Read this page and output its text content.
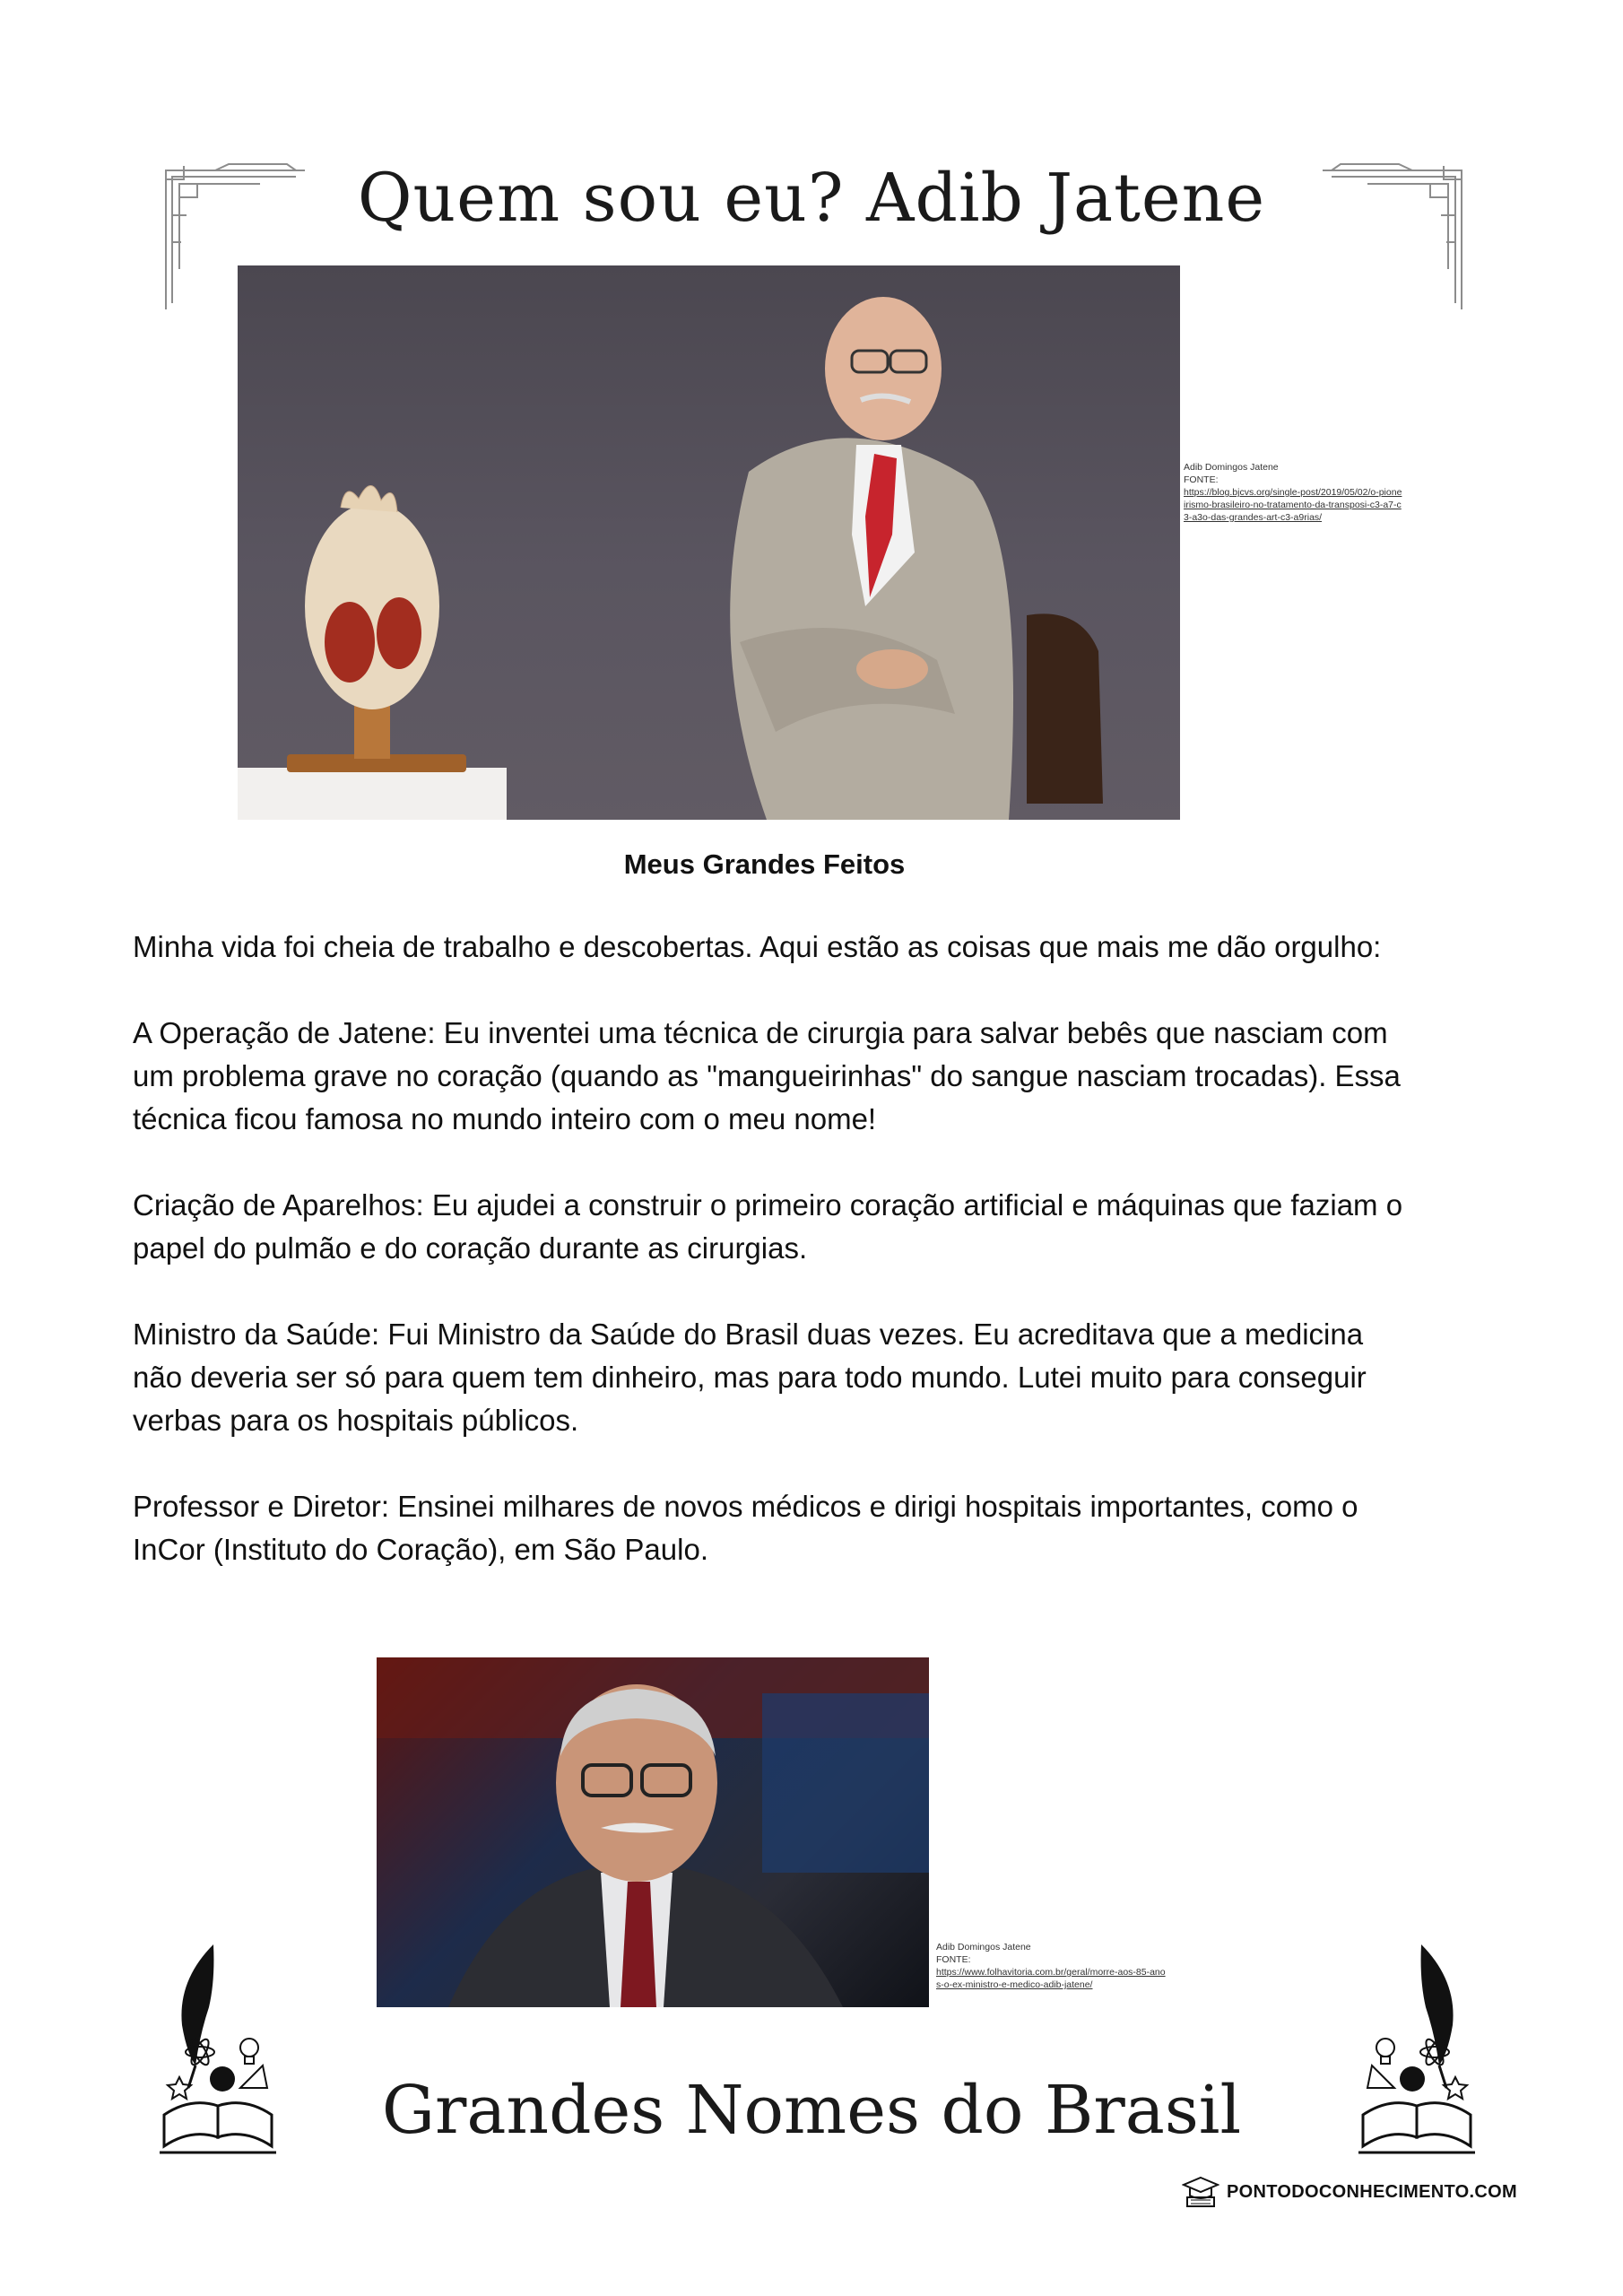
Quem sou eu? Adib Jatene
Adib Domingos Jatene
FONTE:
https://blog.bjcvs.org/single-post/2019/05/02/o-pioneirismo-brasileiro-no-tratamento-da-transposi-c3-a7-c3-a3o-das-grandes-art-c3-a9rias/
Meus Grandes Feitos

Minha vida foi cheia de trabalho e descobertas. Aqui estão as coisas que mais me dão orgulho:

A Operação de Jatene: Eu inventei uma técnica de cirurgia para salvar bebês que nasciam com um problema grave no coração (quando as "mangueirinhas" do sangue nasciam trocadas). Essa técnica ficou famosa no mundo inteiro com o meu nome!

Criação de Aparelhos: Eu ajudei a construir o primeiro coração artificial e máquinas que faziam o papel do pulmão e do coração durante as cirurgias.

Ministro da Saúde: Fui Ministro da Saúde do Brasil duas vezes. Eu acreditava que a medicina não deveria ser só para quem tem dinheiro, mas para todo mundo. Lutei muito para conseguir verbas para os hospitais públicos.

Professor e Diretor: Ensinei milhares de novos médicos e dirigi hospitais importantes, como o InCor (Instituto do Coração), em São Paulo.

Adib Domingos Jatene
FONTE:
https://www.folhavitoria.com.br/geral/morre-aos-85-anos-o-ex-ministro-e-medico-adib-jatene/
Grandes Nomes do Brasil
PONTODOCONHECIMENTO.COM
